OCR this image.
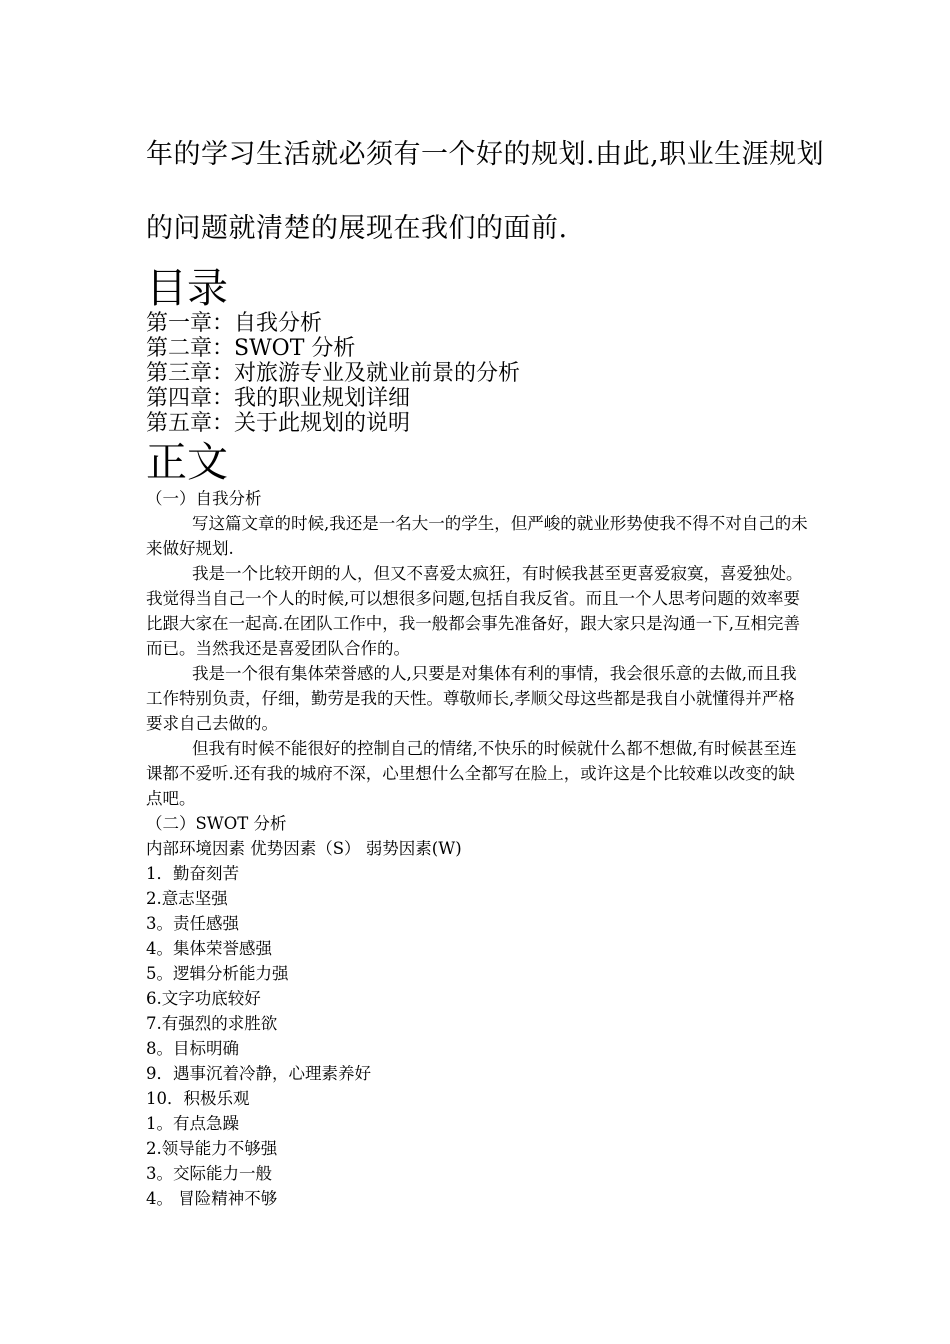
年的学习生活就必须有一个好的规划.由此,职业生涯规划
的问题就清楚的展现在我们的面前.
目录
第一章：自我分析
第二章：SWOT 分析
第三章：对旅游专业及就业前景的分析
第四章：我的职业规划详细
第五章：关于此规划的说明
正文

（一）自我分析

写这篇文章的时候,我还是一名大一的学生，但严峻的就业形势使我不得不对自己的未来做好规划.

我是一个比较开朗的人，但又不喜爱太疯狂，有时候我甚至更喜爱寂寞，喜爱独处。我觉得当自己一个人的时候,可以想很多问题,包括自我反省。而且一个人思考问题的效率要比跟大家在一起高.在团队工作中，我一般都会事先准备好，跟大家只是沟通一下,互相完善而已。当然我还是喜爱团队合作的。

我是一个很有集体荣誉感的人,只要是对集体有利的事情，我会很乐意的去做,而且我工作特别负责，仔细，勤劳是我的天性。尊敬师长,孝顺父母这些都是我自小就懂得并严格要求自己去做的。

但我有时候不能很好的控制自己的情绪,不快乐的时候就什么都不想做,有时候甚至连课都不爱听.还有我的城府不深，心里想什么全都写在脸上，或许这是个比较难以改变的缺点吧。

（二）SWOT 分析

内部环境因素 优势因素（S） 弱势因素(W)

1．勤奋刻苦

2.意志坚强

3。责任感强

4。集体荣誉感强

5。逻辑分析能力强

6.文字功底较好

7.有强烈的求胜欲

8。目标明确

9．遇事沉着冷静，心理素养好

10．积极乐观

1。有点急躁

2.领导能力不够强

3。交际能力一般

4。 冒险精神不够
